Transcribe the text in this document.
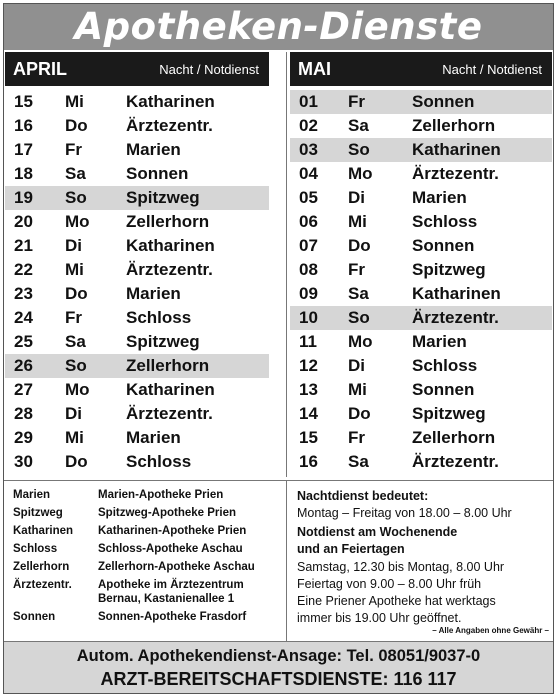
Apotheken-Dienste
APRIL	Nacht / Notdienst MAI	Nacht / Notdienst
15 Mi Katharinen
16 Do Ärztezentr.
17 Fr	Marien
18 Sa Sonnen
19 So Spitzweg
20 Mo Zellerhorn
21 Di	Katharinen
22 Mi Ärztezentr.
23 Do Marien
24 Fr	Schloss
25 Sa Spitzweg
26 So Zellerhorn
27 Mo Katharinen
28 Di	Ärztezentr.
29 Mi Marien
30 Do Schloss
01 Fr	Sonnen
02 Sa	Zellerhorn
03 So Katharinen
04 Mo Ärztezentr.
05 Di	Marien
06 Mi	Schloss
07 Do Sonnen
08 Fr	Spitzweg
09 Sa	Katharinen
10 So Ärztezentr.
11 Mo Marien
12 Di	Schloss
13 Mi	Sonnen
14 Do Spitzweg
15 Fr	Zellerhorn
16 Sa	Ärztezentr.
Marien	Marien-Apotheke Prien
Spitzweg	Spitzweg-Apotheke Prien
Katharinen Katharinen-Apotheke Prien
Schloss	Schloss-Apotheke Aschau
Zellerhorn	Zellerhorn-Apotheke Aschau
Ärztezentr. Apotheke im Ärztezentrum
Bernau, Kastanienallee 1
Sonnen	Sonnen-Apotheke Frasdorf
Nachtdienst bedeutet:
Montag – Freitag von 18.00 – 8.00 Uhr
Notdienst am Wochenende
und an Feiertagen
Samstag, 12.30 bis Montag, 8.00 Uhr
Feiertag von 9.00 – 8.00 Uhr früh
Eine Priener Apotheke hat werktags
immer bis 19.00 Uhr geöffnet.
– Alle Angaben ohne Gewähr –
Autom. Apothekendienst-Ansage: Tel. 08051/9037-0
ARZT-BEREITSCHAFTSDIENSTE: 116 117
